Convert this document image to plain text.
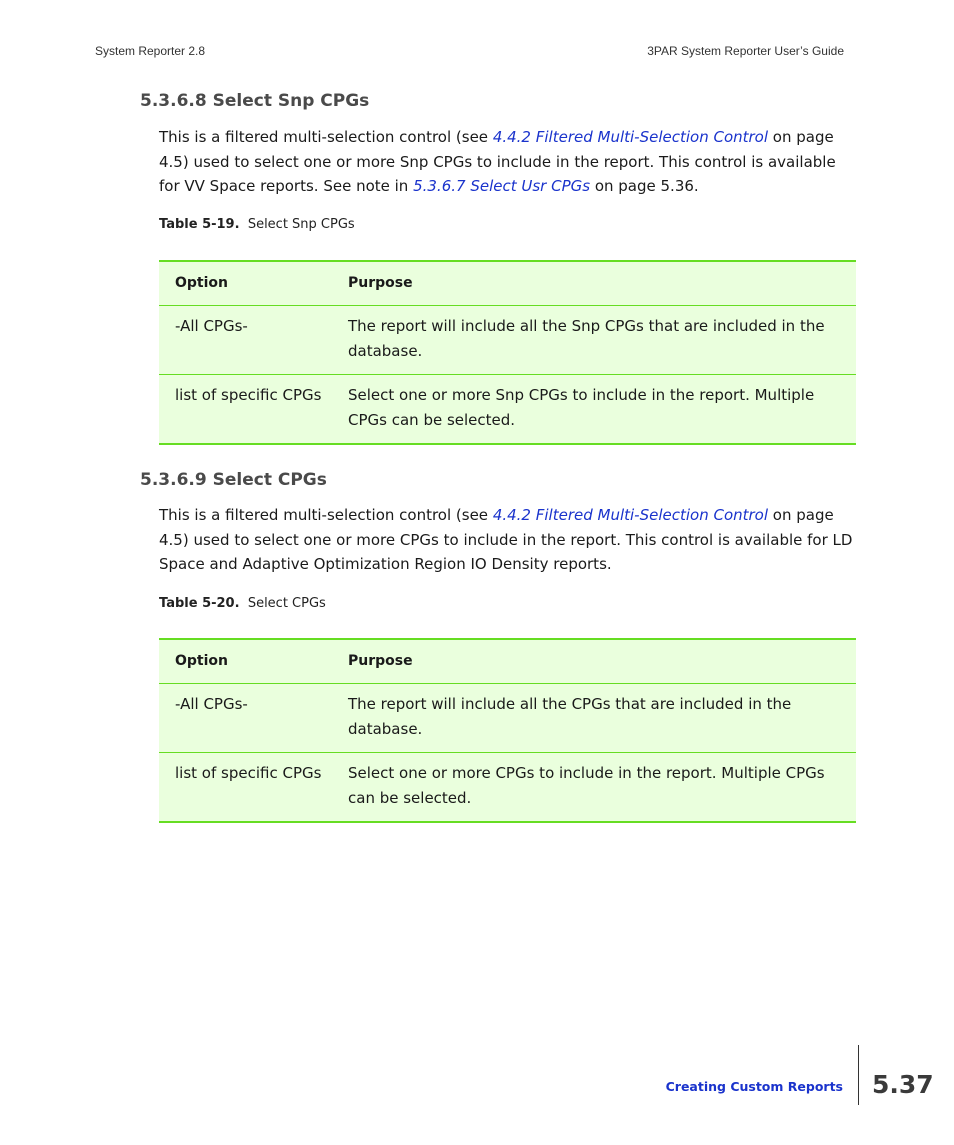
System Reporter 2.8	3PAR System Reporter User’s Guide
5.3.6.8 Select Snp CPGs

This is a filtered multi-selection control (see 4.4.2 Filtered Multi-Selection Control on page 4.5) used to select one or more Snp CPGs to include in the report. This control is available for VV Space reports. See note in 5.3.6.7 Select Usr CPGs on page 5.36.

Table 5-19. Select Snp CPGs
Option	Purpose
-All CPGs-	The report will include all the Snp CPGs that are included in the database.
list of specific CPGs	Select one or more Snp CPGs to include in the report. Multiple CPGs can be selected.
5.3.6.9 Select CPGs

This is a filtered multi-selection control (see 4.4.2 Filtered Multi-Selection Control on page 4.5) used to select one or more CPGs to include in the report. This control is available for LD Space and Adaptive Optimization Region IO Density reports.

Table 5-20. Select CPGs
Option	Purpose
-All CPGs-	The report will include all the CPGs that are included in the database.
list of specific CPGs	Select one or more CPGs to include in the report. Multiple CPGs can be selected.
Creating Custom Reports 5.37
